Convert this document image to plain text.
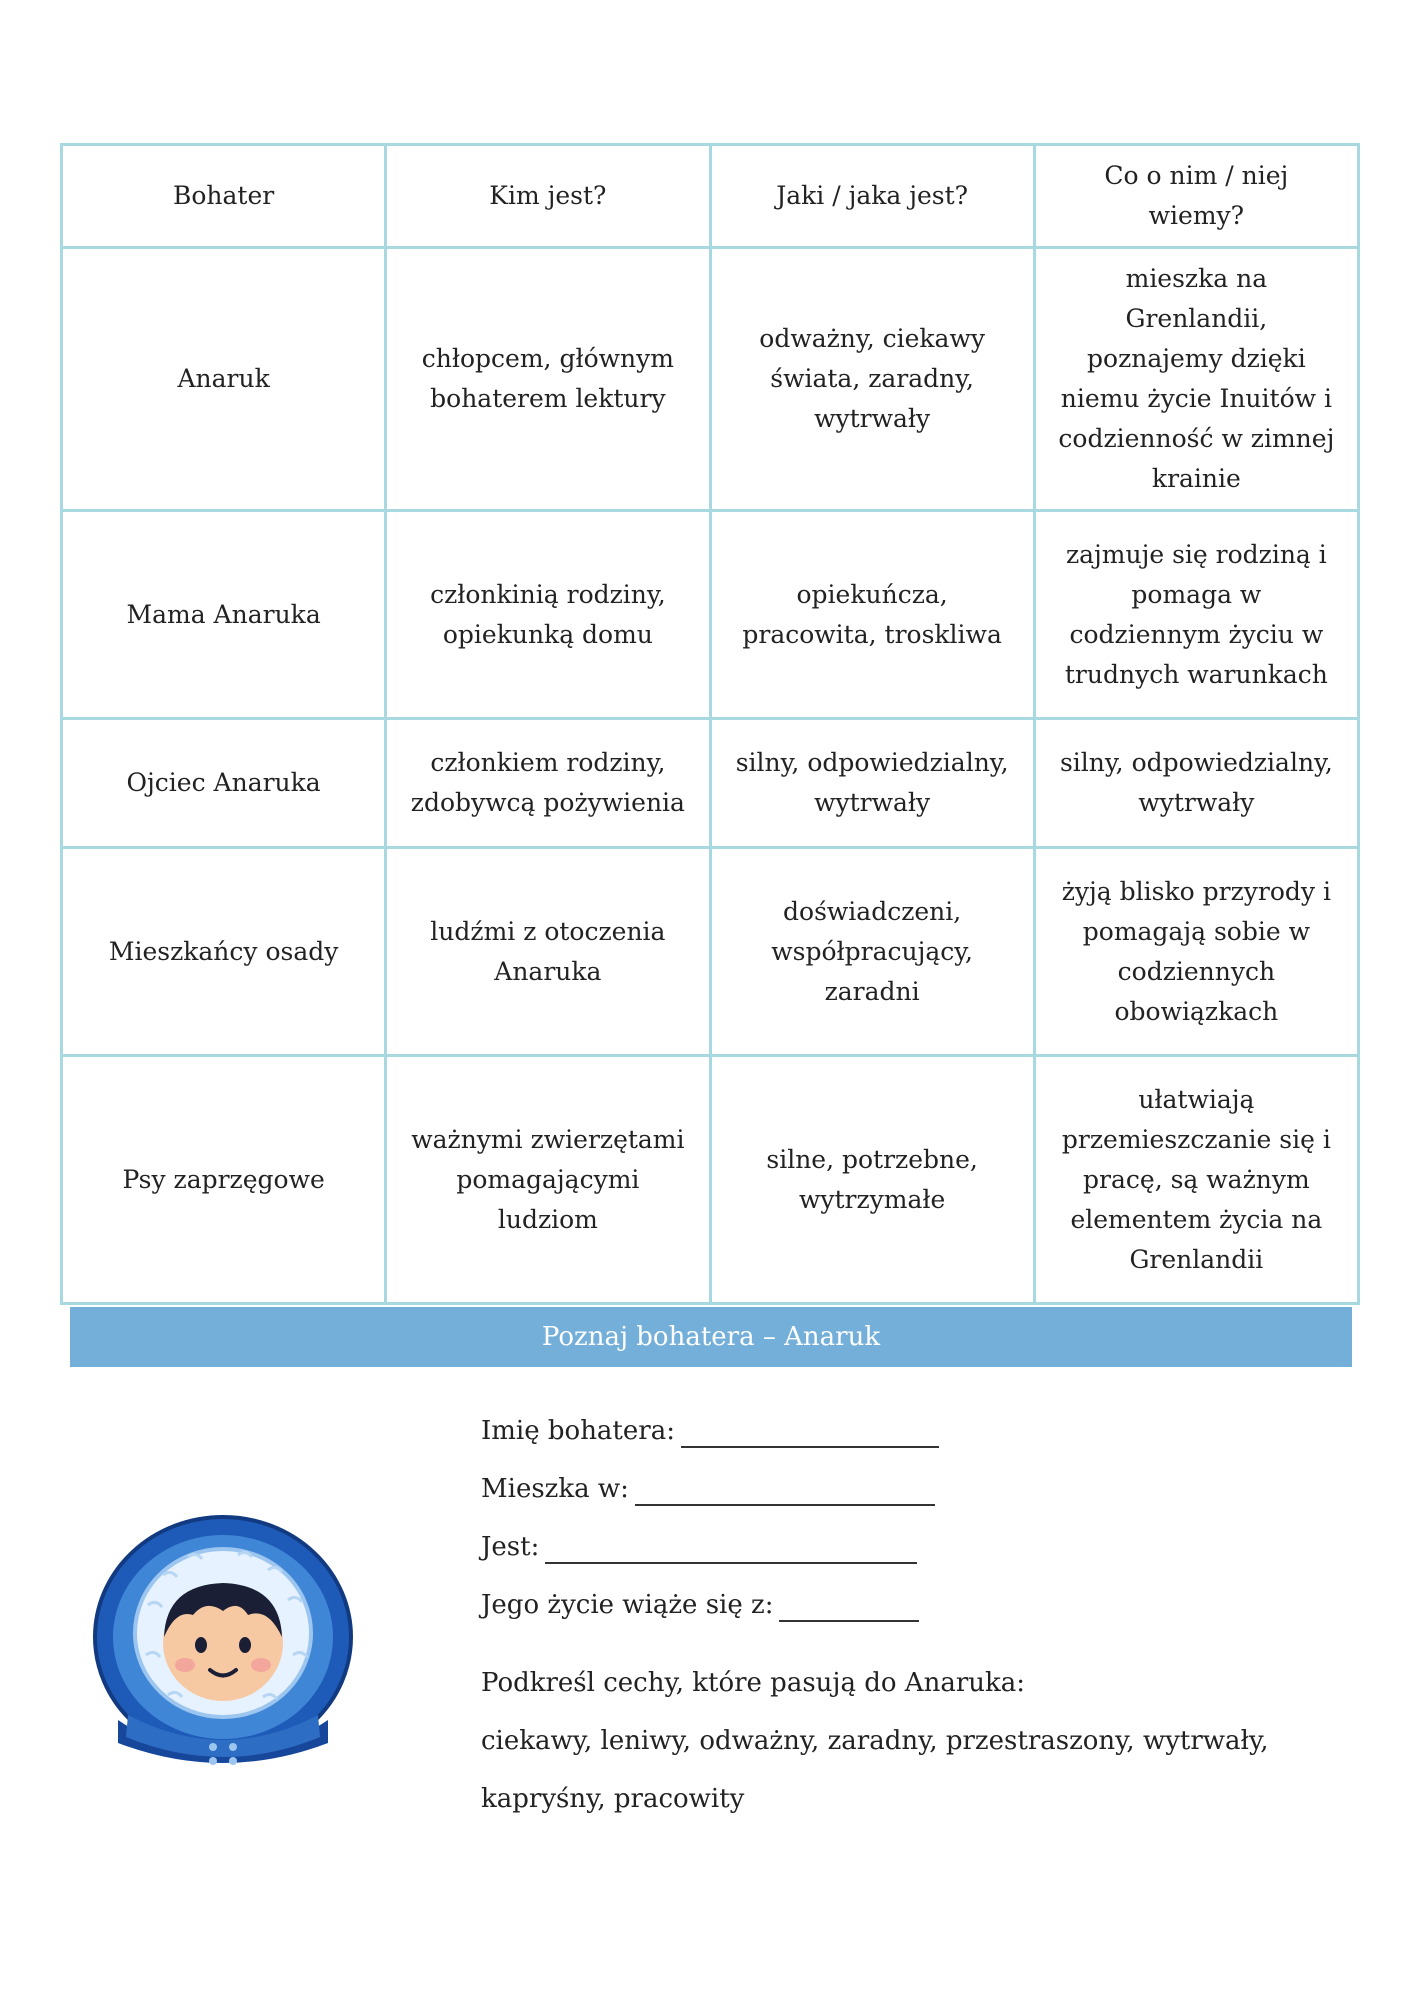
Bohater	Kim jest?	Jaki / jaka jest?	Co o nim / niej wiemy?
Anaruk	chłopcem, głównym bohaterem lektury	odważny, ciekawy świata, zaradny, wytrwały	mieszka na Grenlandii, poznajemy dzięki niemu życie Inuitów i codzienność w zimnej krainie
Mama Anaruka	członkinią rodziny, opiekunką domu	opiekuńcza, pracowita, troskliwa	zajmuje się rodziną i pomaga w codziennym życiu w trudnych warunkach
Ojciec Anaruka	członkiem rodziny, zdobywcą pożywienia	silny, odpowiedzialny, wytrwały	silny, odpowiedzialny, wytrwały
Mieszkańcy osady	ludźmi z otoczenia Anaruka	doświadczeni, współpracujący, zaradni	żyją blisko przyrody i pomagają sobie w codziennych obowiązkach
Psy zaprzęgowe	ważnymi zwierzętami pomagającymi ludziom	silne, potrzebne, wytrzymałe	ułatwiają przemieszczanie się i pracę, są ważnym elementem życia na Grenlandii
Poznaj bohatera – Anaruk
Imię bohatera:
Mieszka w:
Jest:
Jego życie wiąże się z:
Podkreśl cechy, które pasują do Anaruka:
ciekawy, leniwy, odważny, zaradny, przestraszony, wytrwały, kapryśny, pracowity
